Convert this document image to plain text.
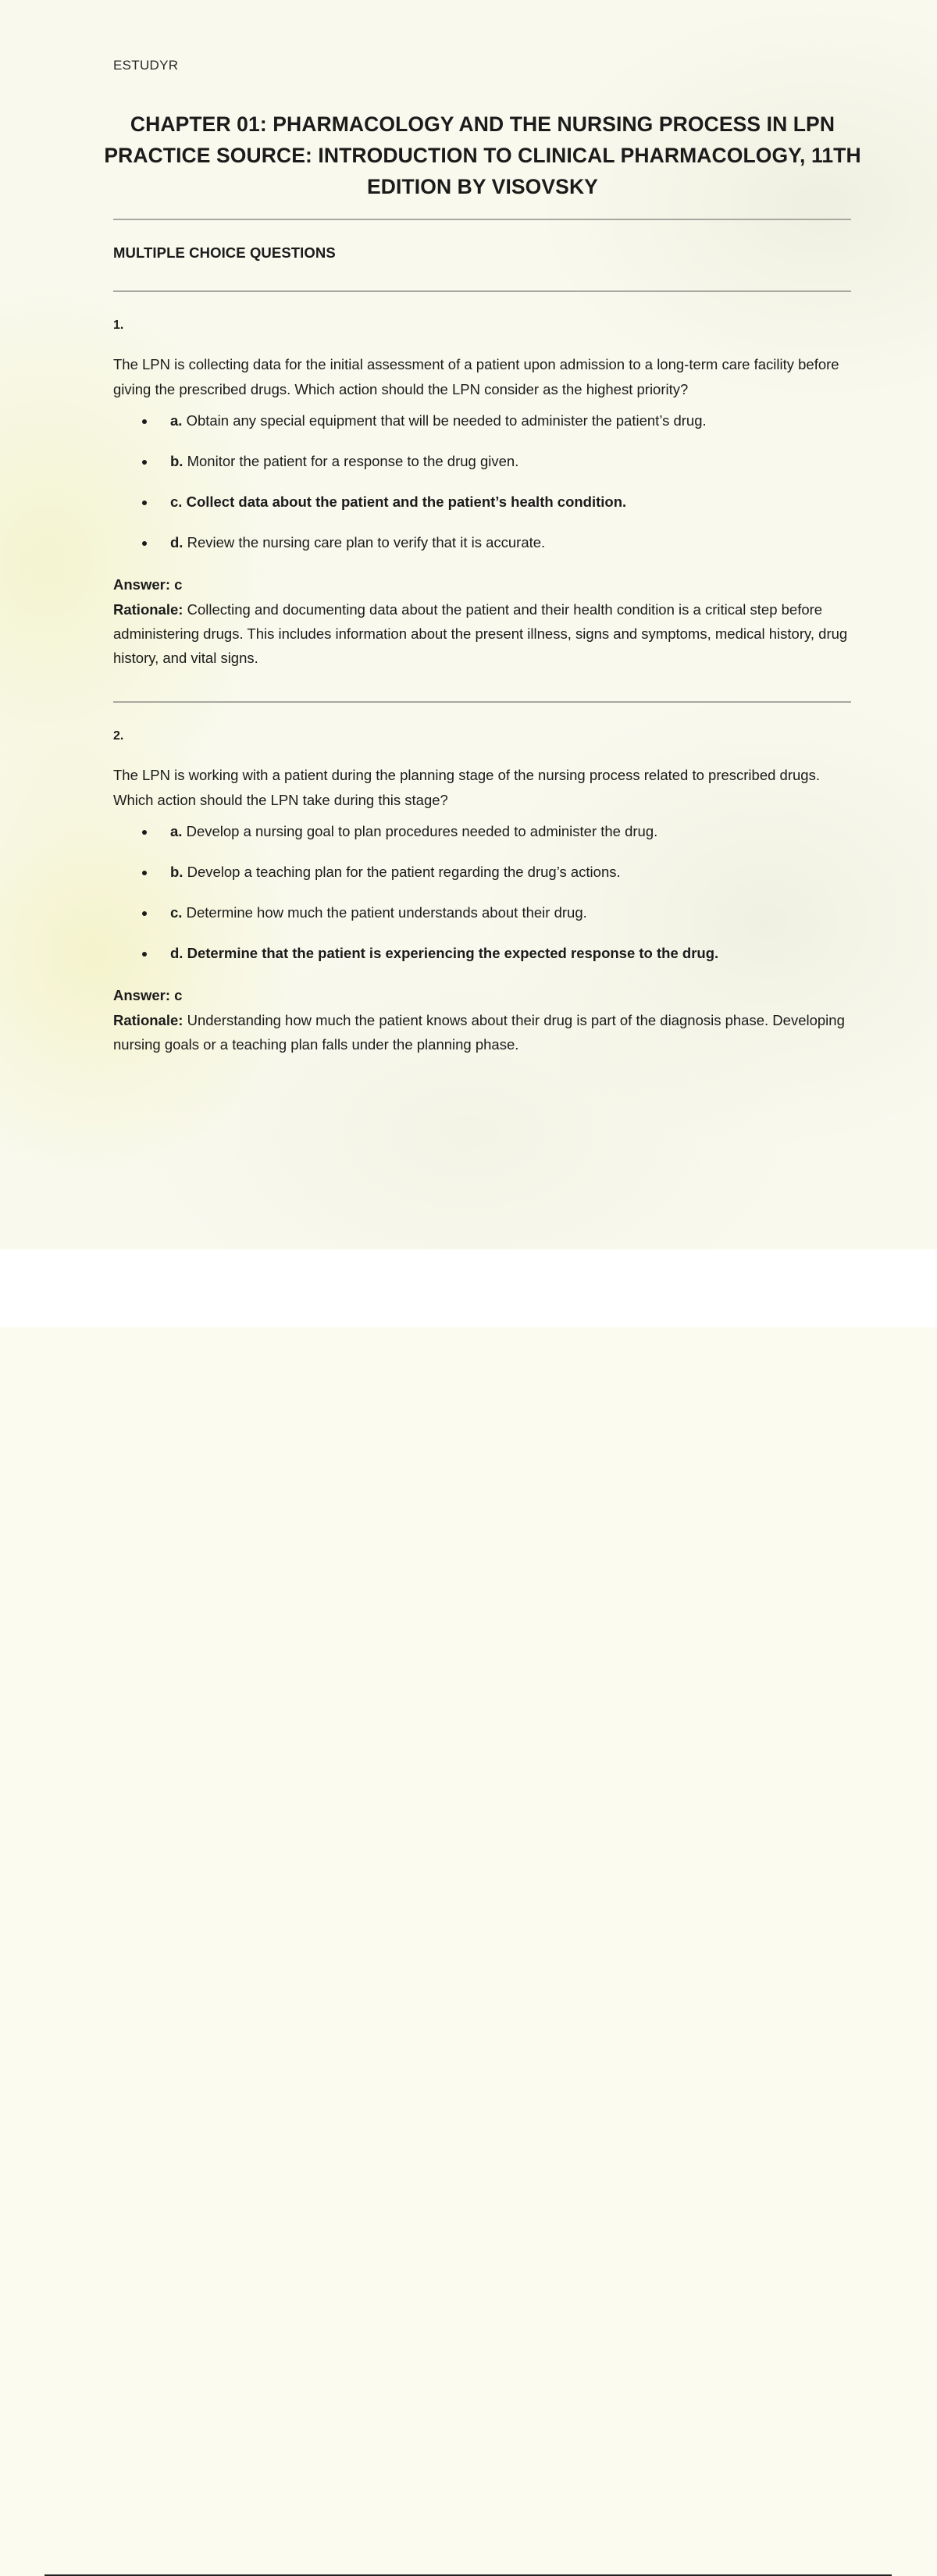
ESTUDYR

CHAPTER 01: PHARMACOLOGY AND THE NURSING PROCESS IN LPN PRACTICE SOURCE: INTRODUCTION TO CLINICAL PHARMACOLOGY, 11TH EDITION BY VISOVSKY
MULTIPLE CHOICE QUESTIONS

1.

The LPN is collecting data for the initial assessment of a patient upon admission to a long-term care facility before giving the prescribed drugs. Which action should the LPN consider as the highest priority?

a. Obtain any special equipment that will be needed to administer the patient’s drug.
b. Monitor the patient for a response to the drug given.
c. Collect data about the patient and the patient’s health condition.
d. Review the nursing care plan to verify that it is accurate.

Answer: c

Rationale: Collecting and documenting data about the patient and their health condition is a critical step before administering drugs. This includes information about the present illness, signs and symptoms, medical history, drug history, and vital signs.

2.

The LPN is working with a patient during the planning stage of the nursing process related to prescribed drugs. Which action should the LPN take during this stage?

a. Develop a nursing goal to plan procedures needed to administer the drug.
b. Develop a teaching plan for the patient regarding the drug’s actions.
c. Determine how much the patient understands about their drug.
d. Determine that the patient is experiencing the expected response to the drug.

Answer: c

Rationale: Understanding how much the patient knows about their drug is part of the diagnosis phase. Developing nursing goals or a teaching plan falls under the planning phase.
